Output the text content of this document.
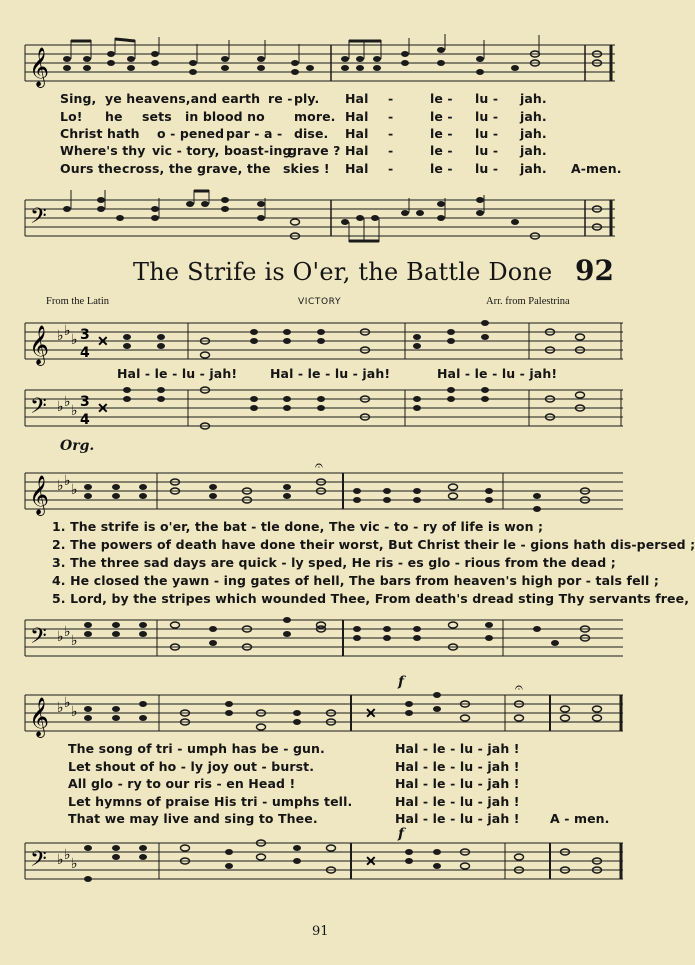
𝄞
Sing, ye heavens,and earth re - ply. Hal -	le - lu - jah.
Lo! he sets in blood no more. Hal -	le - lu - jah.
Christ hath o - pened par - a - dise. Hal -	le - lu - jah.
Where's thy vic - tory, boast-ing
grave ? Hal -	le - lu - jah.
Ours the cross, the grave, the skies ! Hal -	le - lu - jah. A-men.
𝄢
The Strife is O'er, the Battle Done 92
From the Latin	VICTORY	Arr. from Palestrina
𝄞 ♭ ♭
♭ 3
4
✕
Hal - le - lu - jah!	Hal - le - lu - jah!	Hal - le - lu - jah!
𝄢 ♭ ♭
♭
3
4
✕
Org.
𝄞 ♭ ♭
♭
𝄐
1. The strife is o'er, the bat - tle done, The vic - to - ry of life is won ;
2. The powers of death have done their worst, But Christ their le - gions hath dis-persed ;
3. The three sad days are quick - ly sped, He ris - es glo - rious from the dead ;
4. He closed the yawn - ing gates of hell, The bars from heaven's high por - tals fell ;
5. Lord, by the stripes which wounded Thee, From death's dread sting Thy servants free,
𝄢 ♭ ♭
♭
f
𝄞 ♭ ♭
♭	✕
𝄐
The song of tri - umph has be - gun.	Hal - le - lu - jah !
Let shout of ho - ly joy out - burst.	Hal - le - lu - jah !
All glo - ry to our ris - en Head !	Hal - le - lu - jah !
Let hymns of praise His tri - umphs tell.	Hal - le - lu - jah !
That we may live and sing to Thee.	Hal - le - lu - jah ! A - men.
f
𝄢 ♭ ♭
♭	✕
91
